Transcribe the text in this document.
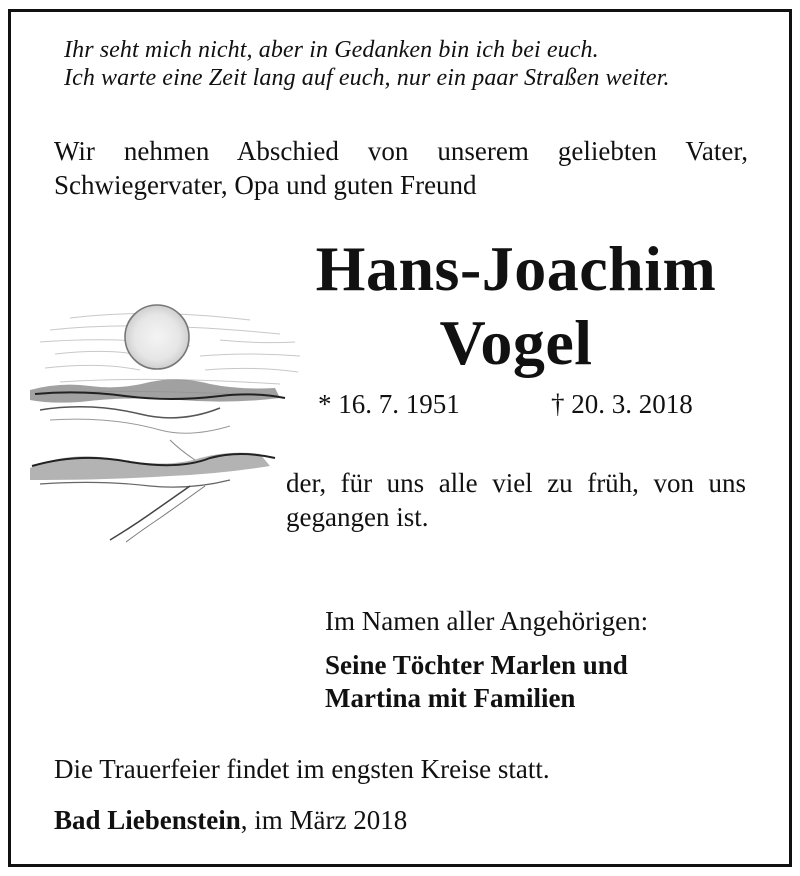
Ihr seht mich nicht, aber in Gedanken bin ich bei euch.
Ich warte eine Zeit lang auf euch, nur ein paar Straßen weiter.
Wir nehmen Abschied von unserem geliebten Vater,
Schwiegervater, Opa und guten Freund
Hans-Joachim
Vogel
* 16. 7. 1951	† 20. 3. 2018
der, für uns alle viel zu früh, von uns
gegangen ist.
Im Namen aller Angehörigen:
Seine Töchter Marlen und
Martina mit Familien
Die Trauerfeier findet im engsten Kreise statt.
Bad Liebenstein, im März 2018
